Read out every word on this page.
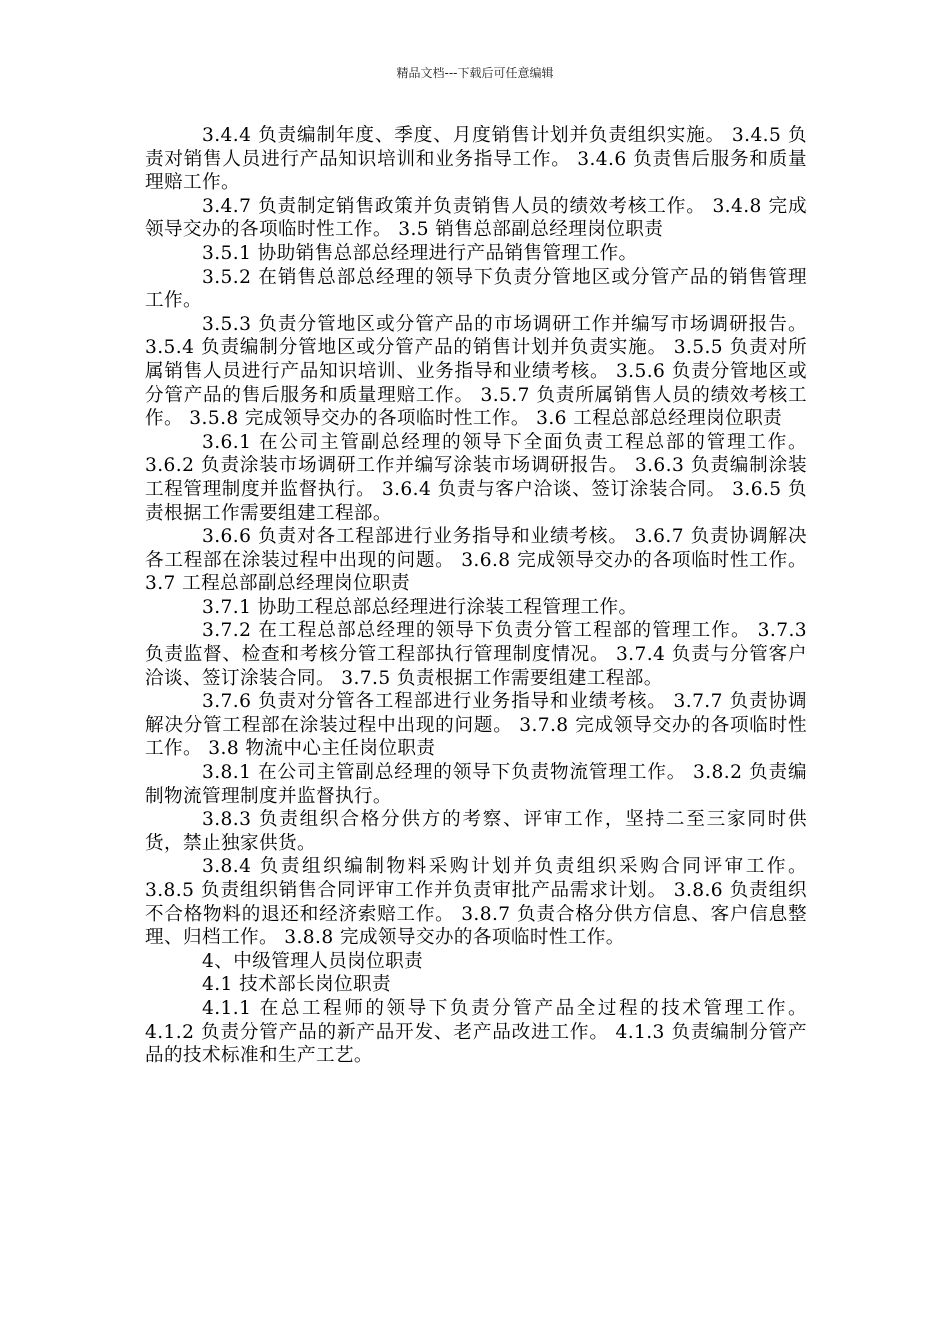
精品文档---下载后可任意编辑

3.4.4 负责编制年度、季度、月度销售计划并负责组织实施。 3.4.5 负责对销售人员进行产品知识培训和业务指导工作。 3.4.6 负责售后服务和质量理赔工作。

3.4.7 负责制定销售政策并负责销售人员的绩效考核工作。 3.4.8 完成领导交办的各项临时性工作。 3.5 销售总部副总经理岗位职责

3.5.1 协助销售总部总经理进行产品销售管理工作。

3.5.2 在销售总部总经理的领导下负责分管地区或分管产品的销售管理工作。

3.5.3 负责分管地区或分管产品的市场调研工作并编写市场调研报告。 3.5.4 负责编制分管地区或分管产品的销售计划并负责实施。 3.5.5 负责对所属销售人员进行产品知识培训、业务指导和业绩考核。 3.5.6 负责分管地区或分管产品的售后服务和质量理赔工作。 3.5.7 负责所属销售人员的绩效考核工作。 3.5.8 完成领导交办的各项临时性工作。 3.6 工程总部总经理岗位职责

3.6.1 在公司主管副总经理的领导下全面负责工程总部的管理工作。 3.6.2 负责涂装市场调研工作并编写涂装市场调研报告。 3.6.3 负责编制涂装工程管理制度并监督执行。 3.6.4 负责与客户洽谈、签订涂装合同。 3.6.5 负责根据工作需要组建工程部。

3.6.6 负责对各工程部进行业务指导和业绩考核。 3.6.7 负责协调解决各工程部在涂装过程中出现的问题。 3.6.8 完成领导交办的各项临时性工作。 3.7 工程总部副总经理岗位职责

3.7.1 协助工程总部总经理进行涂装工程管理工作。

3.7.2 在工程总部总经理的领导下负责分管工程部的管理工作。 3.7.3 负责监督、检查和考核分管工程部执行管理制度情况。 3.7.4 负责与分管客户洽谈、签订涂装合同。 3.7.5 负责根据工作需要组建工程部。

3.7.6 负责对分管各工程部进行业务指导和业绩考核。 3.7.7 负责协调解决分管工程部在涂装过程中出现的问题。 3.7.8 完成领导交办的各项临时性工作。 3.8 物流中心主任岗位职责

3.8.1 在公司主管副总经理的领导下负责物流管理工作。 3.8.2 负责编制物流管理制度并监督执行。

3.8.3 负责组织合格分供方的考察、评审工作，坚持二至三家同时供货，禁止独家供货。

3.8.4 负责组织编制物料采购计划并负责组织采购合同评审工作。 3.8.5 负责组织销售合同评审工作并负责审批产品需求计划。 3.8.6 负责组织不合格物料的退还和经济索赔工作。 3.8.7 负责合格分供方信息、客户信息整理、归档工作。 3.8.8 完成领导交办的各项临时性工作。

4、中级管理人员岗位职责

4.1 技术部长岗位职责

4.1.1 在总工程师的领导下负责分管产品全过程的技术管理工作。 4.1.2 负责分管产品的新产品开发、老产品改进工作。 4.1.3 负责编制分管产品的技术标准和生产工艺。
